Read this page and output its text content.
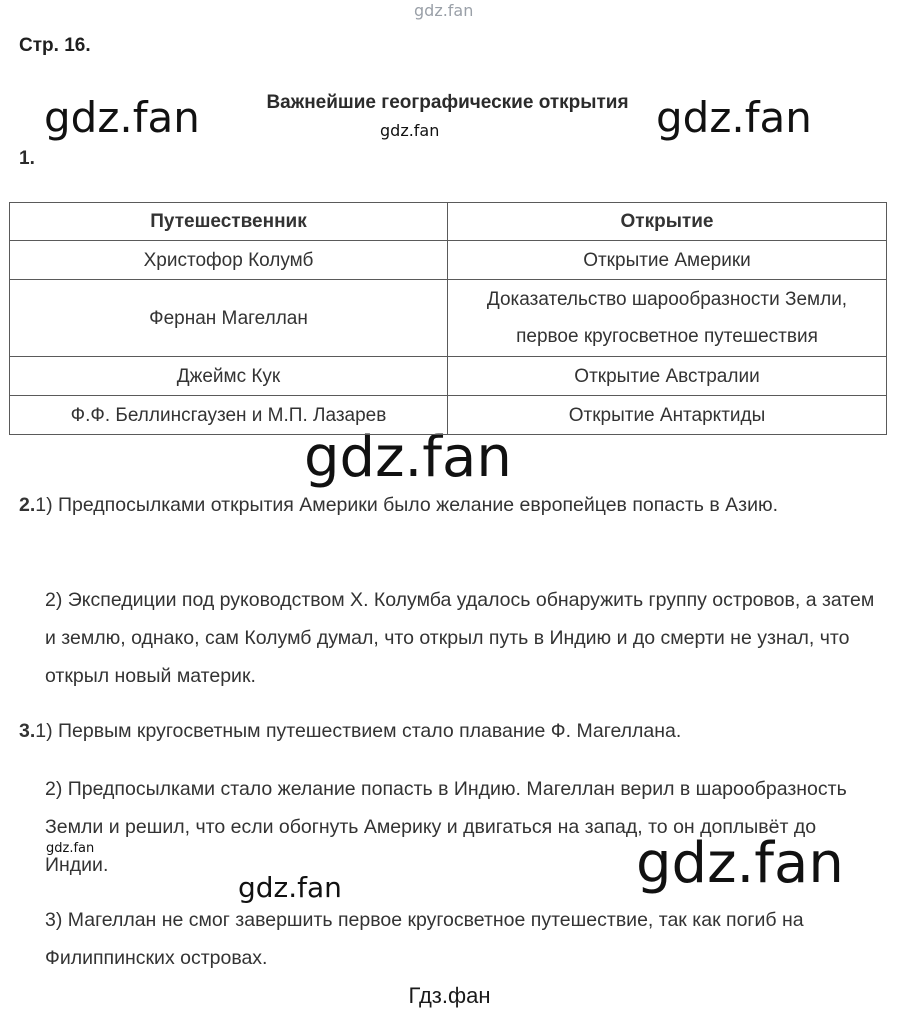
gdz.fan
gdz.fan	gdz.fan	gdz.fan
gdz.fan
gdz.fan
gdz.fan	gdz.fan
Стр. 16.
Важнейшие географические открытия
1.
Путешественник	Открытие
Христофор Колумб	Открытие Америки
Фернан Магеллан	Доказательство шарообразности Земли,
первое кругосветное путешествия

Джеймс Кук	Открытие Австралии
Ф.Ф. Беллинсгаузен и М.П. Лазарев	Открытие Антарктиды
2.1) Предпосылками открытия Америки было желание европейцев попасть в Азию.
2) Экспедиции под руководством Х. Колумба удалось обнаружить группу островов, а затем и землю, однако, сам Колумб думал, что открыл путь в Индию и до смерти не узнал, что открыл новый материк.
3.1) Первым кругосветным путешествием стало плавание Ф. Магеллана.
2) Предпосылками стало желание попасть в Индию. Магеллан верил в шарообразность Земли и решил, что если обогнуть Америку и двигаться на запад, то он доплывёт до Индии.
3) Магеллан не смог завершить первое кругосветное путешествие, так как погиб на Филиппинских островах.
Гдз.фан
